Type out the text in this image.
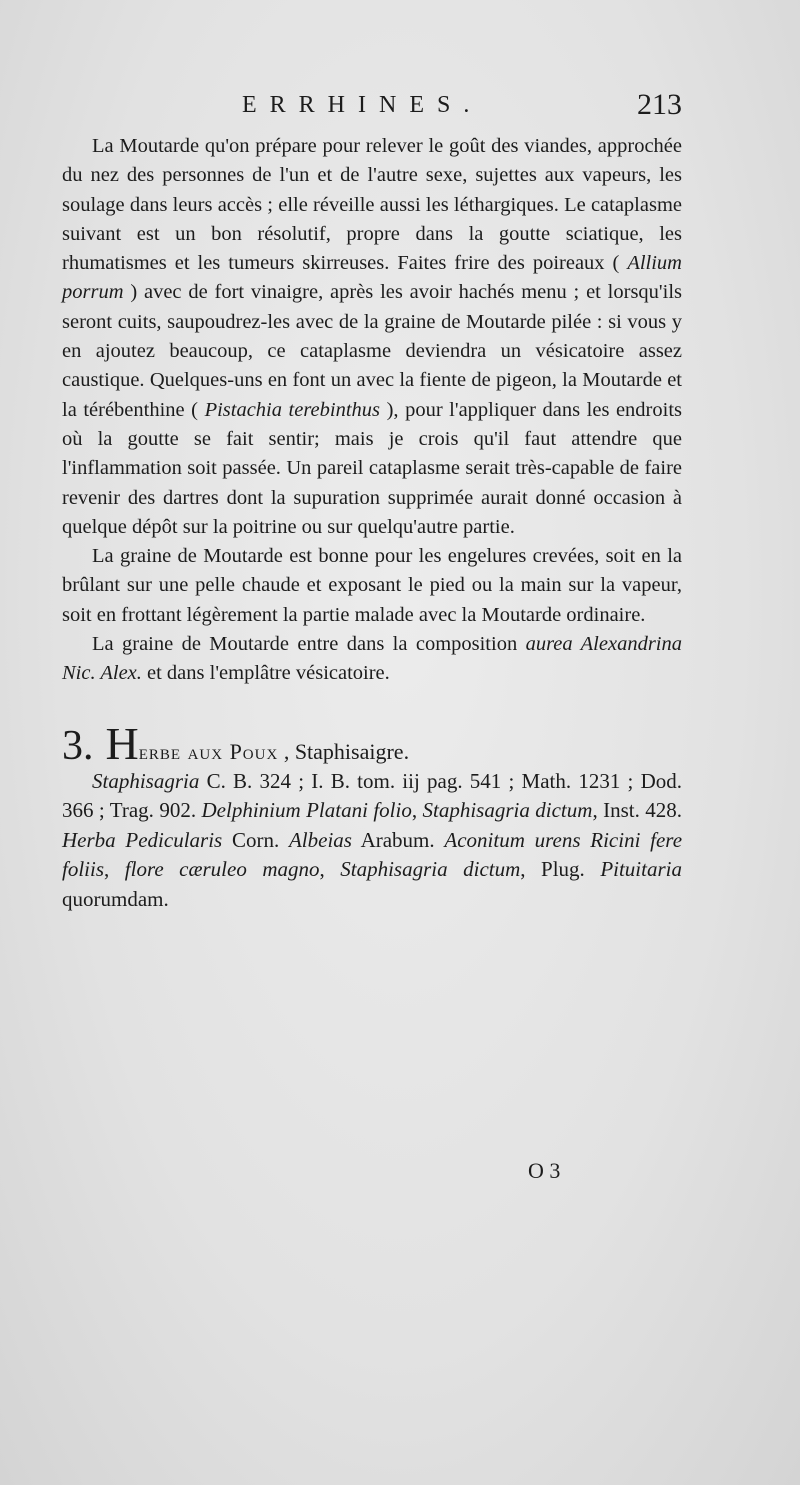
ERRHINES.	213

La Moutarde qu'on prépare pour relever le goût des viandes, approchée du nez des personnes de l'un et de l'autre sexe, sujettes aux vapeurs, les soulage dans leurs accès ; elle réveille aussi les léthargiques. Le cataplasme suivant est un bon résolutif, propre dans la goutte sciatique, les rhumatismes et les tumeurs skirreuses. Faites frire des poireaux ( Allium porrum ) avec de fort vinaigre, après les avoir hachés menu ; et lorsqu'ils seront cuits, saupoudrez-les avec de la graine de Moutarde pilée : si vous y en ajoutez beaucoup, ce cataplasme deviendra un vésicatoire assez caustique. Quelques-uns en font un avec la fiente de pigeon, la Moutarde et la térébenthine ( Pistachia terebinthus ), pour l'appliquer dans les endroits où la goutte se fait sentir; mais je crois qu'il faut attendre que l'inflammation soit passée. Un pareil cataplasme serait très-capable de faire revenir des dartres dont la supuration supprimée aurait donné occasion à quelque dépôt sur la poitrine ou sur quelqu'autre partie.

La graine de Moutarde est bonne pour les engelures crevées, soit en la brûlant sur une pelle chaude et exposant le pied ou la main sur la vapeur, soit en frottant légèrement la partie malade avec la Moutarde ordinaire.

La graine de Moutarde entre dans la composition aurea Alexandrina Nic. Alex. et dans l'emplâtre vésicatoire.

3. H erbe aux Poux
, Staphisaigre.

Staphisagria C. B. 324 ; I. B. tom. iij pag. 541 ; Math. 1231 ; Dod. 366 ; Trag. 902. Delphinium Platani folio, Staphisagria dictum, Inst. 428. Herba Pedicularis Corn. Albeias Arabum. Aconitum urens Ricini fere foliis, flore cæruleo magno, Staphisagria dictum, Plug. Pituitaria quorumdam.

O 3
